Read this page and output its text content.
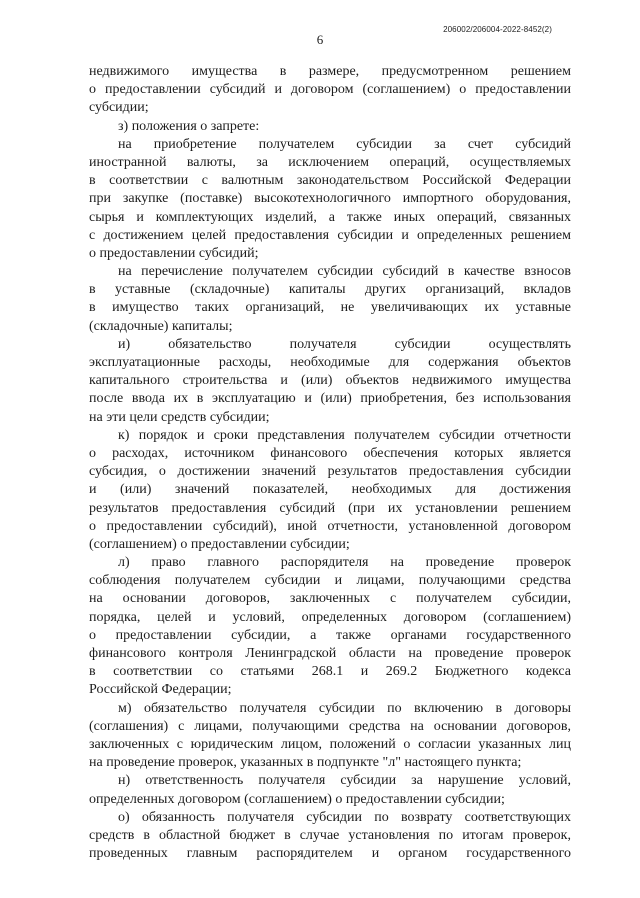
6
206002/206004-2022-8452(2)
недвижимого имущества в размере, предусмотренном решением
о предоставлении субсидий и договором (соглашением) о предоставлении
субсидии;
з) положения о запрете:
на приобретение получателем субсидии за счет субсидий
иностранной валюты, за исключением операций, осуществляемых
в соответствии с валютным законодательством Российской Федерации
при закупке (поставке) высокотехнологичного импортного оборудования,
сырья и комплектующих изделий, а также иных операций, связанных
с достижением целей предоставления субсидии и определенных решением
о предоставлении субсидий;
на перечисление получателем субсидии субсидий в качестве взносов
в уставные (складочные) капиталы других организаций, вкладов
в имущество таких организаций, не увеличивающих их уставные
(складочные) капиталы;
и) обязательство получателя субсидии осуществлять
эксплуатационные расходы, необходимые для содержания объектов
капитального строительства и (или) объектов недвижимого имущества
после ввода их в эксплуатацию и (или) приобретения, без использования
на эти цели средств субсидии;
к) порядок и сроки представления получателем субсидии отчетности
о расходах, источником финансового обеспечения которых является
субсидия, о достижении значений результатов предоставления субсидии
и (или) значений показателей, необходимых для достижения
результатов предоставления субсидий (при их установлении решением
о предоставлении субсидий), иной отчетности, установленной договором
(соглашением) о предоставлении субсидии;
л) право главного распорядителя на проведение проверок
соблюдения получателем субсидии и лицами, получающими средства
на основании договоров, заключенных с получателем субсидии,
порядка, целей и условий, определенных договором (соглашением)
о предоставлении субсидии, а также органами государственного
финансового контроля Ленинградской области на проведение проверок
в соответствии со статьями 268.1 и 269.2 Бюджетного кодекса
Российской Федерации;
м) обязательство получателя субсидии по включению в договоры
(соглашения) с лицами, получающими средства на основании договоров,
заключенных с юридическим лицом, положений о согласии указанных лиц
на проведение проверок, указанных в подпункте "л" настоящего пункта;
н) ответственность получателя субсидии за нарушение условий,
определенных договором (соглашением) о предоставлении субсидии;
о) обязанность получателя субсидии по возврату соответствующих
средств в областной бюджет в случае установления по итогам проверок,
проведенных главным распорядителем и органом государственного
